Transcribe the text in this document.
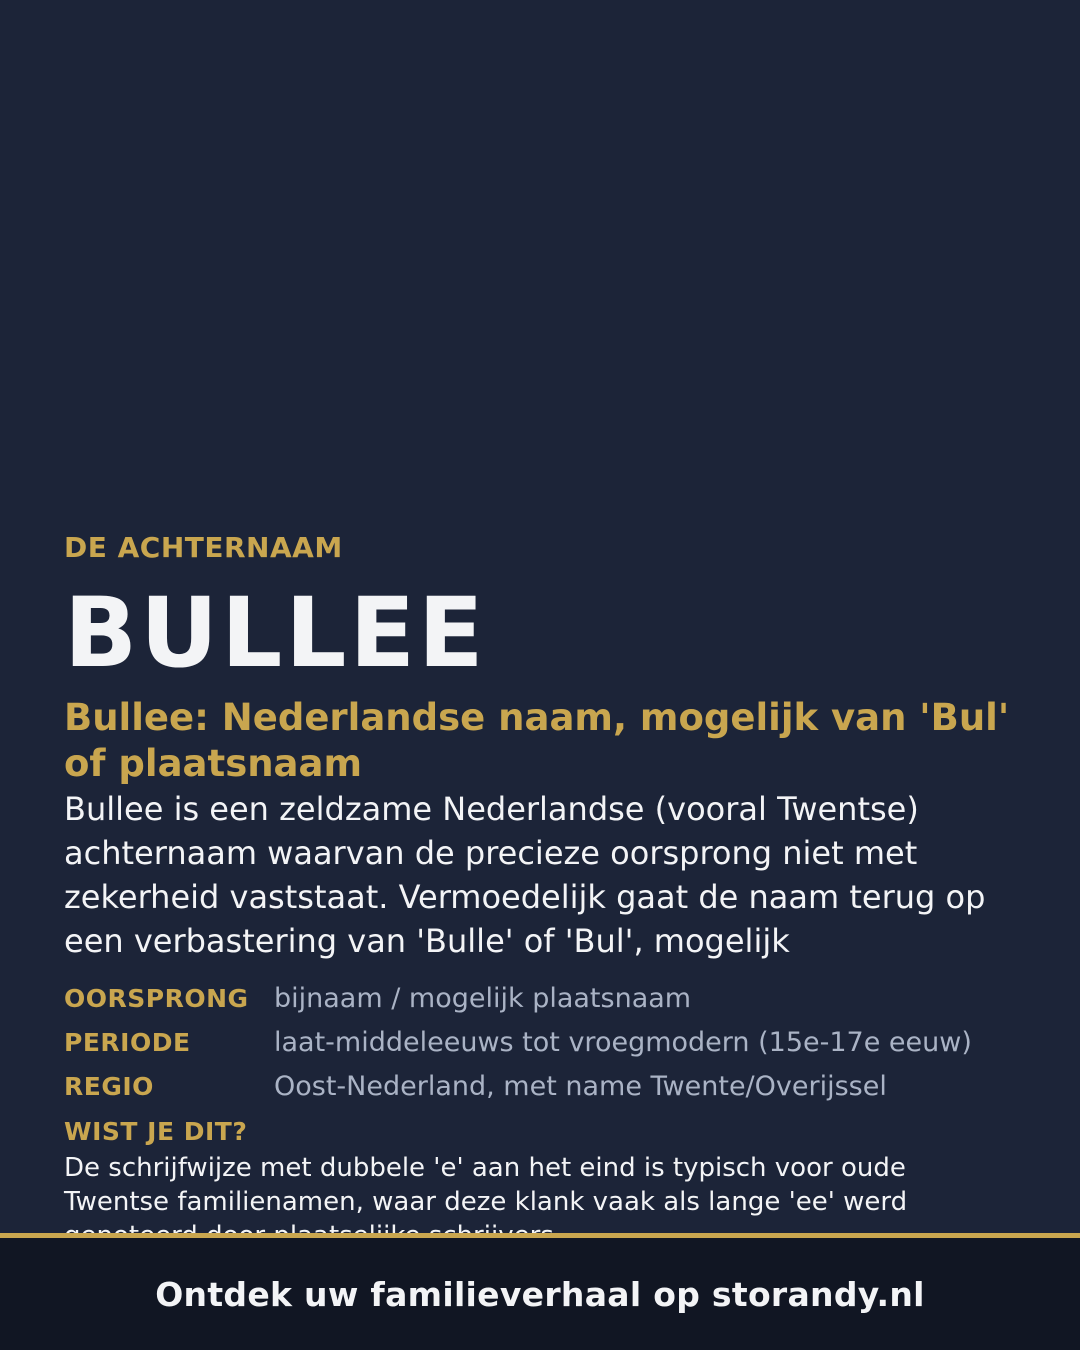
DE ACHTERNAAM

BULLEE
Bullee: Nederlandse naam, mogelijk van 'Bul' of plaatsnaam

Bullee is een zeldzame Nederlandse (vooral Twentse) achternaam waarvan de precieze oorsprong niet met zekerheid vaststaat. Vermoedelijk gaat de naam terug op een verbastering van 'Bulle' of 'Bul', mogelijk

OORSPRONG bijnaam / mogelijk plaatsnaam
PERIODE	laat-middeleeuws tot vroegmodern (15e-17e eeuw)
REGIO	Oost-Nederland, met name Twente/Overijssel
WIST JE DIT?
De schrijfwijze met dubbele 'e' aan het eind is typisch voor oude Twentse familienamen, waar deze klank vaak als lange 'ee' werd
Ontdek uw familieverhaal op storandy.nl
